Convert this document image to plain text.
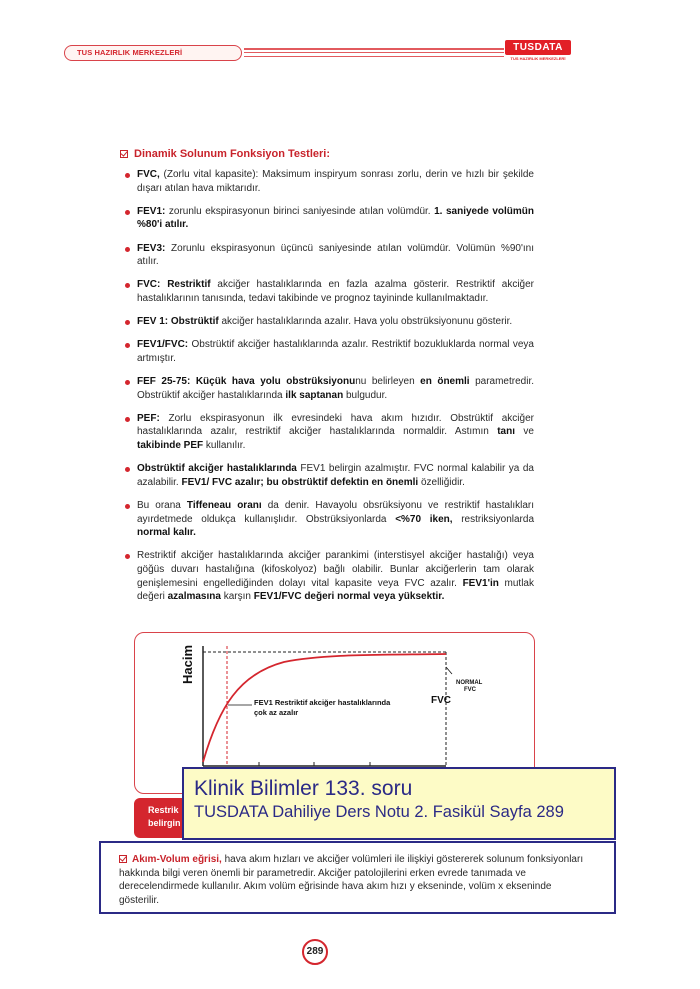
TUS HAZIRLIK MERKEZLERİ	TUSDATA
TUS HAZIRLIK MERKEZLERİ
Dinamik Solunum Fonksiyon Testleri:
FVC, (Zorlu vital kapasite): Maksimum inspiryum sonrası zorlu, derin ve hızlı bir şekilde dışarı atılan hava miktarıdır.
FEV1: zorunlu ekspirasyonun birinci saniyesinde atılan volümdür. 1. saniyede volümün %80'i atılır.
FEV3: Zorunlu ekspirasyonun üçüncü saniyesinde atılan volümdür. Volümün %90'ını atılır.
FVC: Restriktif akciğer hastalıklarında en fazla azalma gösterir. Restriktif akciğer hastalıklarının tanısında, tedavi takibinde ve prognoz tayininde kullanılmaktadır.
FEV 1: Obstrüktif akciğer hastalıklarında azalır. Hava yolu obstrüksiyonunu gösterir.
FEV1/FVC: Obstrüktif akciğer hastalıklarında azalır. Restriktif bozukluklarda normal veya artmıştır.
FEF 25-75: Küçük hava yolu obstrüksiyonunu belirleyen en önemli parametredir. Obstrüktif akciğer hastalıklarında ilk saptanan bulgudur.
PEF: Zorlu ekspirasyonun ilk evresindeki hava akım hızıdır. Obstrüktif akciğer hastalıklarında azalır, restriktif akciğer hastalıklarında normaldir. Astımın tanı ve takibinde PEF kullanılır.
Obstrüktif akciğer hastalıklarında FEV1 belirgin azalmıştır. FVC normal kalabilir ya da azalabilir. FEV1/ FVC azalır; bu obstrüktif defektin en önemli özelliğidir.
Bu orana Tiffeneau oranı da denir. Havayolu obsrüksiyonu ve restriktif hastalıkları ayırdetmede oldukça kullanışlıdır. Obstrüksiyonlarda <%70 iken, restriksiyonlarda normal kalır.
Restriktif akciğer hastalıklarında akciğer parankimi (interstisyel akciğer hastalığı) veya göğüs duvarı hastalığına (kifoskolyoz) bağlı olabilir. Bunlar akciğerlerin tam olarak genişlemesini engellediğinden dolayı vital kapasite veya FVC azalır. FEV1'in mutlak değeri azalmasına karşın FEV1/FVC değeri normal veya yüksektir.
Hacim
FEV1 Restriktif akciğer hastalıklarında
çok az azalır
FVC
NORMAL
FVC
Restrik
belirgin
Klinik Bilimler 133. soru
TUSDATA Dahiliye Ders Notu 2. Fasikül Sayfa 289
Akım-Volum eğrisi, hava akım hızları ve akciğer volümleri ile ilişkiyi göstererek solunum fonksiyonları hakkında bilgi veren önemli bir parametredir. Akciğer patolojilerini erken evrede tanımada ve derecelendirmede kullanılır. Akım volüm eğrisinde hava akım hızı y ekseninde, volüm x ekseninde gösterilir.
289
